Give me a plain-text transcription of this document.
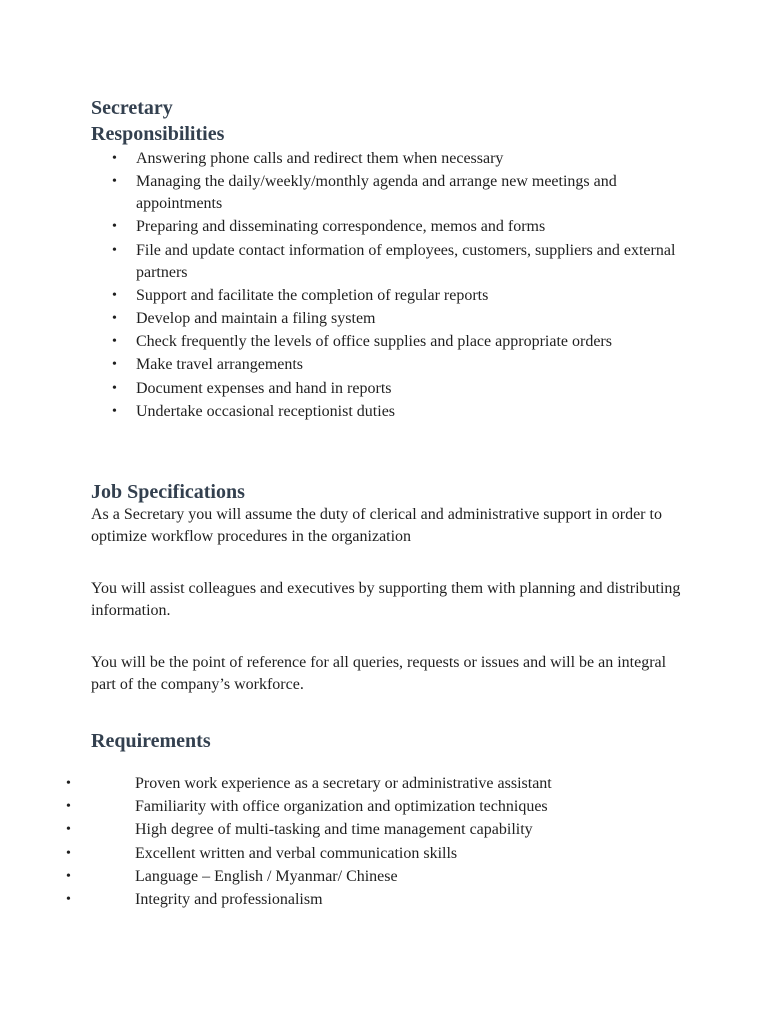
Secretary
Responsibilities
• Answering phone calls and redirect them when necessary
• Managing the daily/weekly/monthly agenda and arrange new meetings and appointments
• Preparing and disseminating correspondence, memos and forms
• File and update contact information of employees, customers, suppliers and external partners
• Support and facilitate the completion of regular reports
• Develop and maintain a filing system
• Check frequently the levels of office supplies and place appropriate orders
• Make travel arrangements
• Document expenses and hand in reports
• Undertake occasional receptionist duties
Job Specifications

As a Secretary you will assume the duty of clerical and administrative support in order to optimize workflow procedures in the organization

You will assist colleagues and executives by supporting them with planning and distributing information.

You will be the point of reference for all queries, requests or issues and will be an integral part of the company’s workforce.

Requirements
•	Proven work experience as a secretary or administrative assistant
•	Familiarity with office organization and optimization techniques
•	High degree of multi-tasking and time management capability
•	Excellent written and verbal communication skills
•	Language – English / Myanmar/ Chinese
•	Integrity and professionalism
